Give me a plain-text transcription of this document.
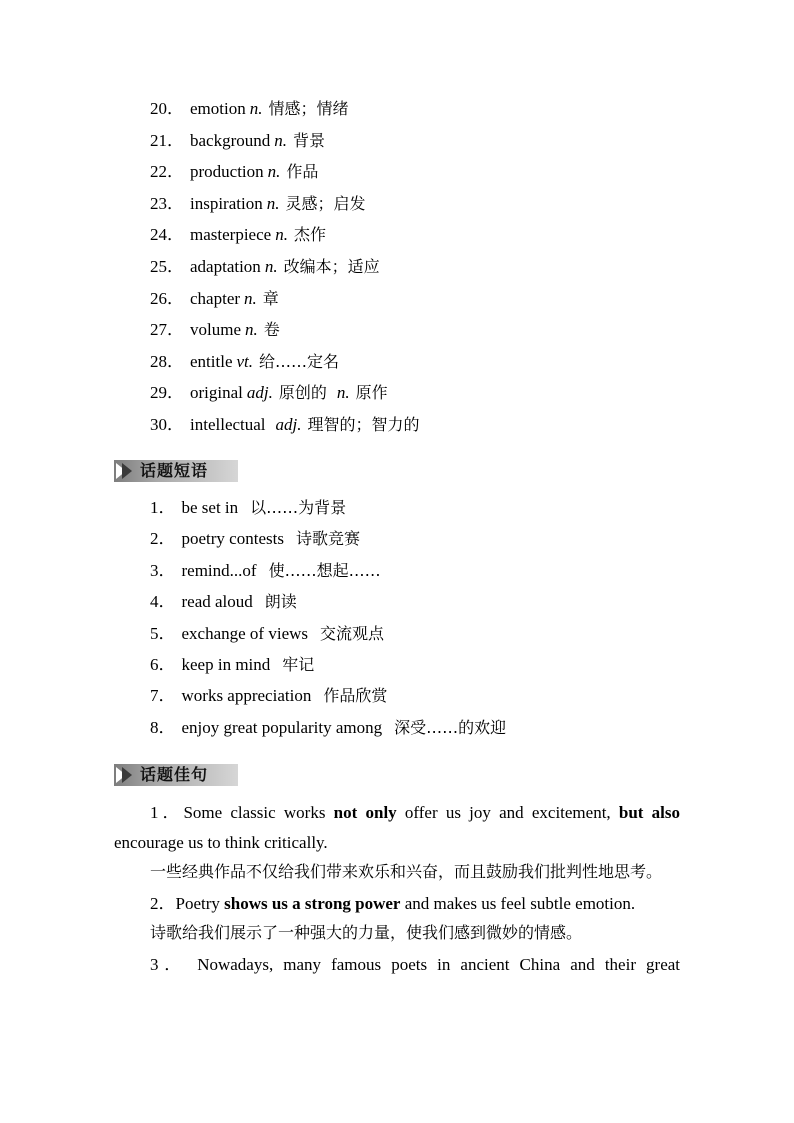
20． emotion n. 情感；情绪
21． background n. 背景
22． production n. 作品
23． inspiration n. 灵感；启发
24． masterpiece n. 杰作
25． adaptation n. 改编本；适应
26． chapter n. 章
27． volume n. 卷
28． entitle vt. 给……定名
29． original adj. 原创的 n. 原作
30． intellectual adj. 理智的；智力的
话题短语
1． be set in 以……为背景
2． poetry contests 诗歌竞赛
3． remind...of 使……想起……
4． read aloud 朗读
5． exchange of views 交流观点
6． keep in mind 牢记
7． works appreciation 作品欣赏
8． enjoy great popularity among 深受……的欢迎
话题佳句

1．Some classic works not only offer us joy and excitement, but also encourage us to think critically.

一些经典作品不仅给我们带来欢乐和兴奋，而且鼓励我们批判性地思考。

2．Poetry shows us a strong power and makes us feel subtle emotion.

诗歌给我们展示了一种强大的力量，使我们感到微妙的情感。

3． Nowadays, many famous poets in ancient China and their great
